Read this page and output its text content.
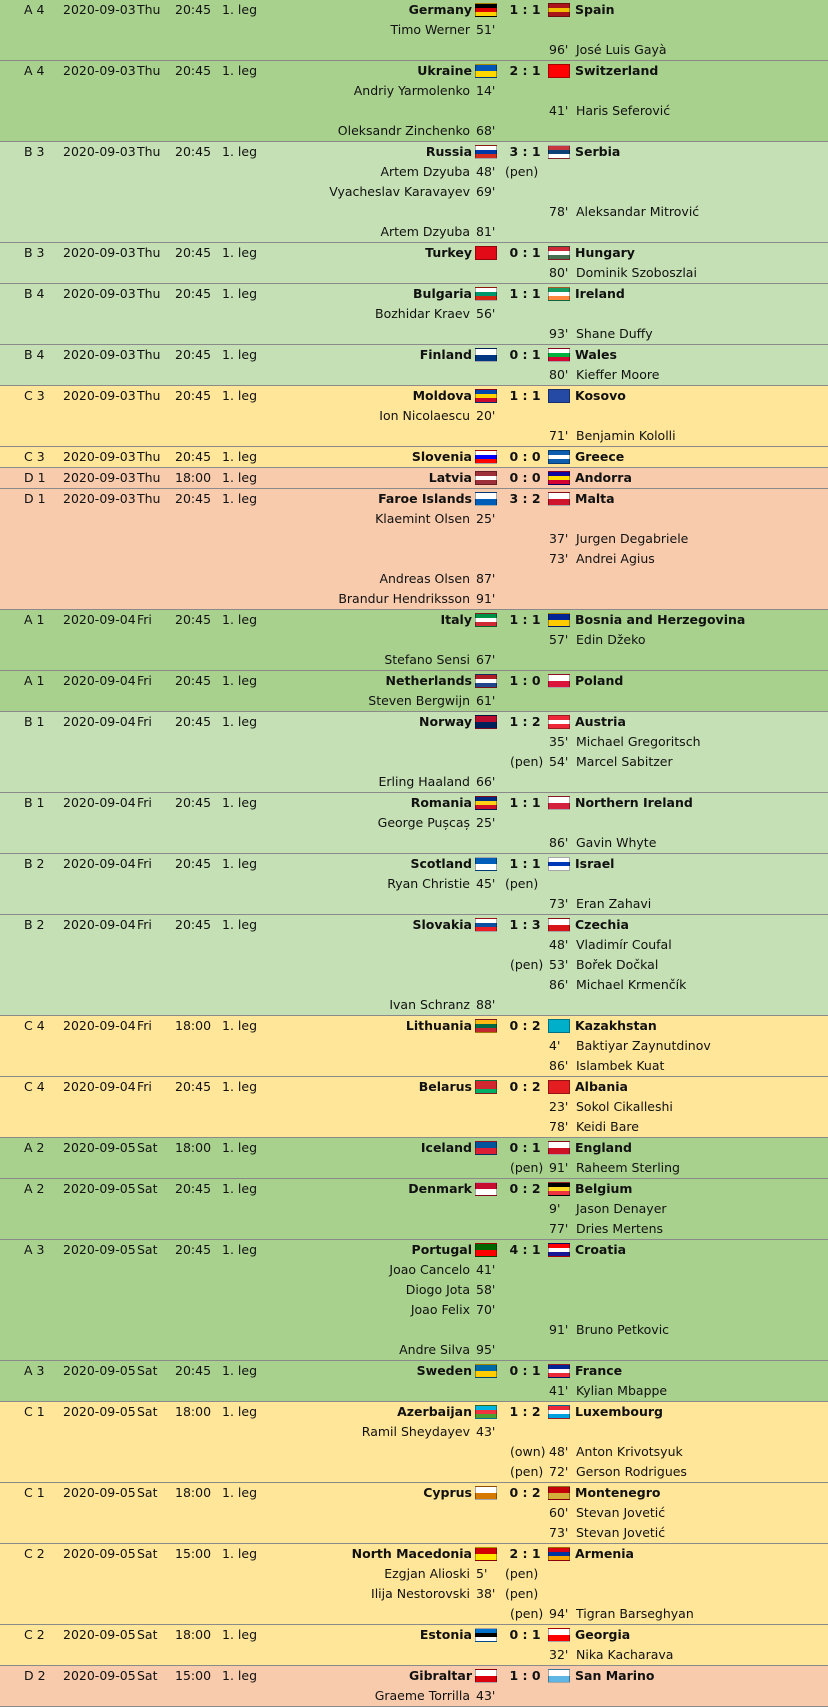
A 4 2020-09-03 Thu 20:45 1. leg	Germany	1 : 1	Spain
Timo Werner 51'
96' José Luis Gayà
A 4 2020-09-03 Thu 20:45 1. leg	Ukraine	2 : 1	Switzerland
Andriy Yarmolenko 14'
41' Haris Seferović
Oleksandr Zinchenko 68'
B 3 2020-09-03 Thu 20:45 1. leg	Russia	3 : 1	Serbia
Artem Dzyuba 48' (pen)
Vyacheslav Karavayev 69'
78' Aleksandar Mitrović
Artem Dzyuba 81'
B 3 2020-09-03 Thu 20:45 1. leg	Turkey	0 : 1	Hungary
80' Dominik Szoboszlai
B 4 2020-09-03 Thu 20:45 1. leg	Bulgaria	1 : 1	Ireland
Bozhidar Kraev 56'
93' Shane Duffy
B 4 2020-09-03 Thu 20:45 1. leg	Finland	0 : 1	Wales
80' Kieffer Moore
C 3 2020-09-03 Thu 20:45 1. leg	Moldova	1 : 1	Kosovo
Ion Nicolaescu 20'
71' Benjamin Kololli
C 3 2020-09-03 Thu 20:45 1. leg	Slovenia	0 : 0	Greece
D 1 2020-09-03 Thu 18:00 1. leg	Latvia	0 : 0	Andorra
D 1 2020-09-03 Thu 20:45 1. leg	Faroe Islands	3 : 2	Malta
Klaemint Olsen 25'
37' Jurgen Degabriele
73' Andrei Agius
Andreas Olsen 87'
Brandur Hendriksson 91'
A 1 2020-09-04 Fri 20:45 1. leg	Italy	1 : 1	Bosnia and Herzegovina
57' Edin Džeko
Stefano Sensi 67'
A 1 2020-09-04 Fri 20:45 1. leg	Netherlands	1 : 0	Poland
Steven Bergwijn 61'
B 1 2020-09-04 Fri 20:45 1. leg	Norway	1 : 2	Austria
35' Michael Gregoritsch
(pen) 54' Marcel Sabitzer
Erling Haaland 66'
B 1 2020-09-04 Fri 20:45 1. leg	Romania	1 : 1	Northern Ireland
George Pușcaș 25'
86' Gavin Whyte
B 2 2020-09-04 Fri 20:45 1. leg	Scotland	1 : 1	Israel
Ryan Christie 45' (pen)
73' Eran Zahavi
B 2 2020-09-04 Fri 20:45 1. leg	Slovakia	1 : 3	Czechia
48' Vladimír Coufal
(pen) 53' Bořek Dočkal
86' Michael Krmenčík
Ivan Schranz 88'
C 4 2020-09-04 Fri 18:00 1. leg	Lithuania	0 : 2	Kazakhstan
4' Baktiyar Zaynutdinov
86' Islambek Kuat
C 4 2020-09-04 Fri 20:45 1. leg	Belarus	0 : 2	Albania
23' Sokol Cikalleshi
78' Keidi Bare
A 2 2020-09-05 Sat 18:00 1. leg	Iceland	0 : 1	England
(pen) 91' Raheem Sterling
A 2 2020-09-05 Sat 20:45 1. leg	Denmark	0 : 2	Belgium
9' Jason Denayer
77' Dries Mertens
A 3 2020-09-05 Sat 20:45 1. leg	Portugal	4 : 1	Croatia
Joao Cancelo 41'
Diogo Jota 58'
Joao Felix 70'
91' Bruno Petkovic
Andre Silva 95'
A 3 2020-09-05 Sat 20:45 1. leg	Sweden	0 : 1	France
41' Kylian Mbappe
C 1 2020-09-05 Sat 18:00 1. leg	Azerbaijan	1 : 2	Luxembourg
Ramil Sheydayev 43'
(own) 48' Anton Krivotsyuk
(pen) 72' Gerson Rodrigues
C 1 2020-09-05 Sat 18:00 1. leg	Cyprus	0 : 2	Montenegro
60' Stevan Jovetić
73' Stevan Jovetić
C 2 2020-09-05 Sat 15:00 1. leg	North Macedonia	2 : 1	Armenia
Ezgjan Alioski 5' (pen)
Ilija Nestorovski 38' (pen)
(pen) 94' Tigran Barseghyan
C 2 2020-09-05 Sat 18:00 1. leg	Estonia	0 : 1	Georgia
32' Nika Kacharava
D 2 2020-09-05 Sat 15:00 1. leg	Gibraltar	1 : 0	San Marino
Graeme Torrilla 43'
